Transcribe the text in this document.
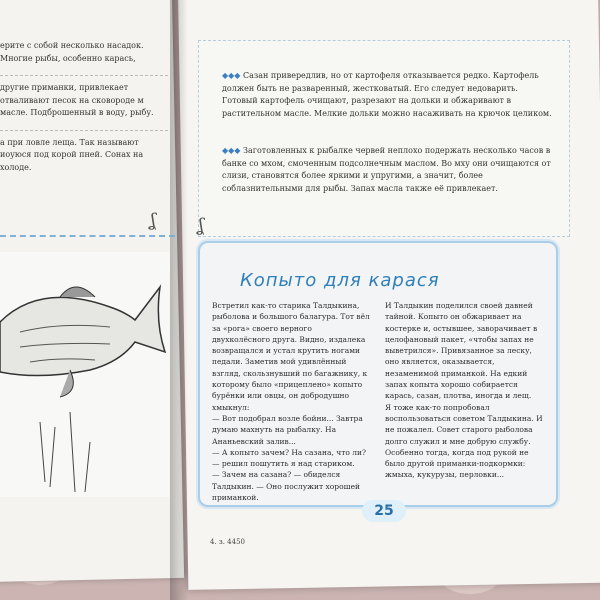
ерите с собой несколько насадок. Многие рыбы, особенно карась,

другие приманки, привлекает отваливают песок на сковороде м масле. Подброшенный в воду, рыбу.

а при ловле леща. Так называют иоуюся под корой пней. Сонах на холоде.

ʆ
◆◆◆ Сазан привередлив, но от картофеля отказывается редко. Картофель должен быть не разваренный, жестковатый. Его следует недоварить. Готовый картофель очищают, разрезают на дольки и обжаривают в растительном масле. Мелкие дольки можно насаживать на крючок целиком.
◆◆◆ Заготовленных к рыбалке червей неплохо подержать несколько часов в банке со мхом, смоченным подсолнечным маслом. Во мху они очищаются от слизи, становятся более яркими и упругими, а значит, более соблазнительными для рыбы. Запах масла также её привлекает.
ʆ
Копыто для карася
Встретил как-то старика Талдыкина, рыболова и большого балагура. Тот вёл за «рога» своего верного двухколёсного друга. Видно, издалека возвращался и устал крутить ногами педали. Заметив мой удивлённый взгляд, скользнувший по багажнику, к которому было «прицеплено» копыто бурёнки или овцы, он добродушно хмыкнул:
— Вот подобрал возле бойни... Завтра думаю махнуть на рыбалку. На Ананьевский залив...
— А копыто зачем? На сазана, что ли? — решил пошутить я над стариком.
— Зачем на сазана? — обиделся Талдыкин. — Оно послужит хорошей приманкой.
И Талдыкин поделился своей давней тайной. Копыто он обжаривает на костерке и, остывшее, заворачивает в целофановый пакет, «чтобы запах не выветрился». Привязанное за леску, оно является, оказывается, незаменимой приманкой. На едкий запах копыта хорошо собирается карась, сазан, плотва, иногда и лещ.
Я тоже как-то попробовал воспользоваться советом Талдыкина. И не пожалел. Совет старого рыболова долго служил и мне добрую службу. Особенно тогда, когда под рукой не было другой приманки-подкормки: жмыха, кукурузы, перловки...
25
4. з. 4450
